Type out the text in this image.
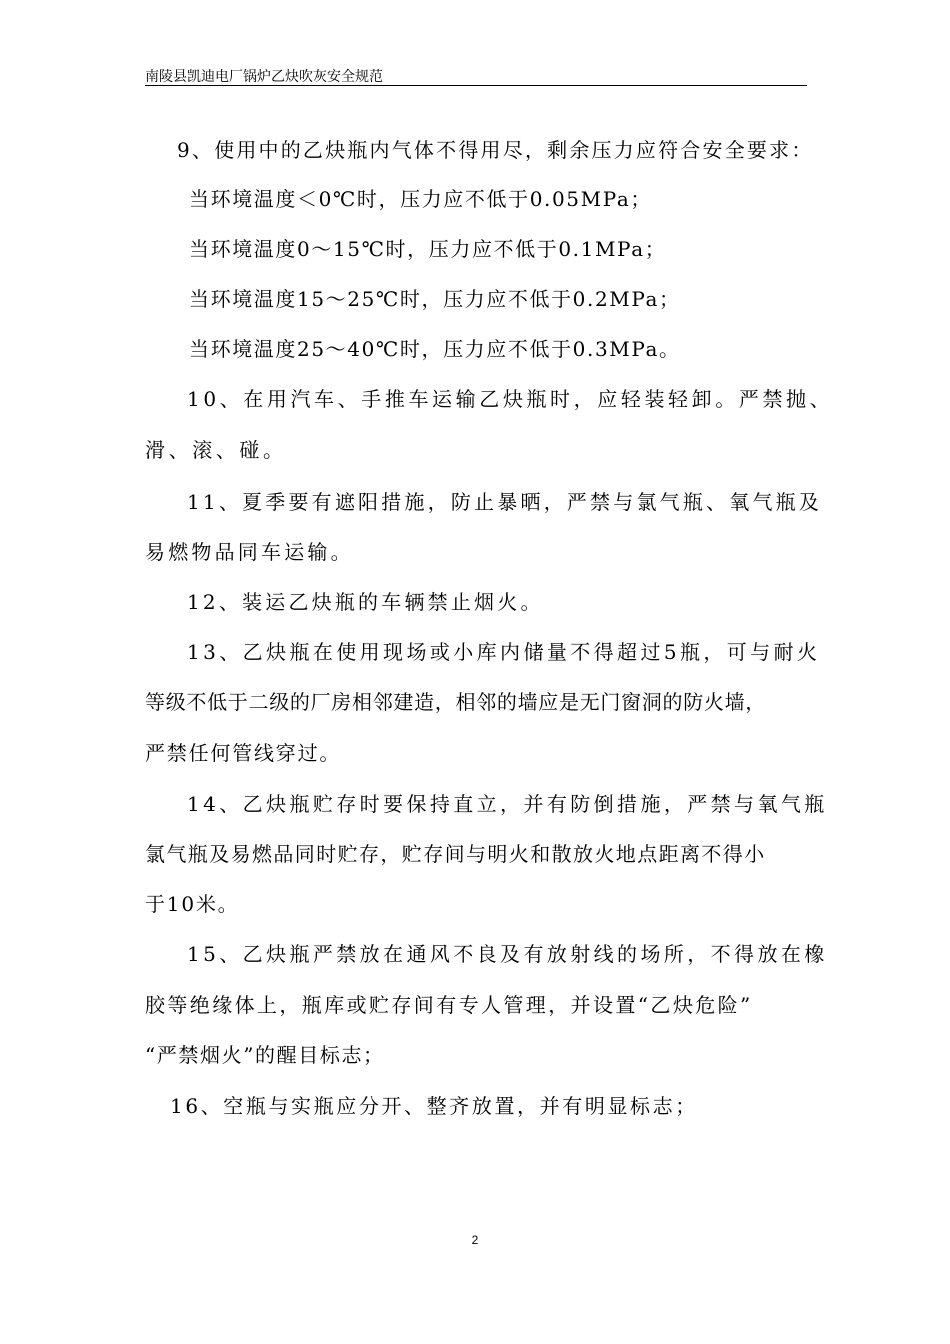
南陵县凯迪电厂锅炉乙炔吹灰安全规范
9、使用中的乙炔瓶内气体不得用尽，剩余压力应符合安全要求：
当环境温度＜0℃时，压力应不低于0.05MPa；
当环境温度0～15℃时，压力应不低于0.1MPa；
当环境温度15～25℃时，压力应不低于0.2MPa；
当环境温度25～40℃时，压力应不低于0.3MPa。
10、在用汽车、手推车运输乙炔瓶时，应轻装轻卸。严禁抛、
滑、滚、碰。
11、夏季要有遮阳措施，防止暴晒，严禁与氯气瓶、氧气瓶及
易燃物品同车运输。
12、装运乙炔瓶的车辆禁止烟火。
13、乙炔瓶在使用现场或小库内储量不得超过5瓶，可与耐火
等级不低于二级的厂房相邻建造，相邻的墙应是无门窗洞的防火墙，
严禁任何管线穿过。
14、乙炔瓶贮存时要保持直立，并有防倒措施，严禁与氧气瓶
氯气瓶及易燃品同时贮存，贮存间与明火和散放火地点距离不得小
于10米。
15、乙炔瓶严禁放在通风不良及有放射线的场所，不得放在橡
胶等绝缘体上，瓶库或贮存间有专人管理，并设置“乙炔危险”
“严禁烟火”的醒目标志；
16、空瓶与实瓶应分开、整齐放置，并有明显标志；
2
